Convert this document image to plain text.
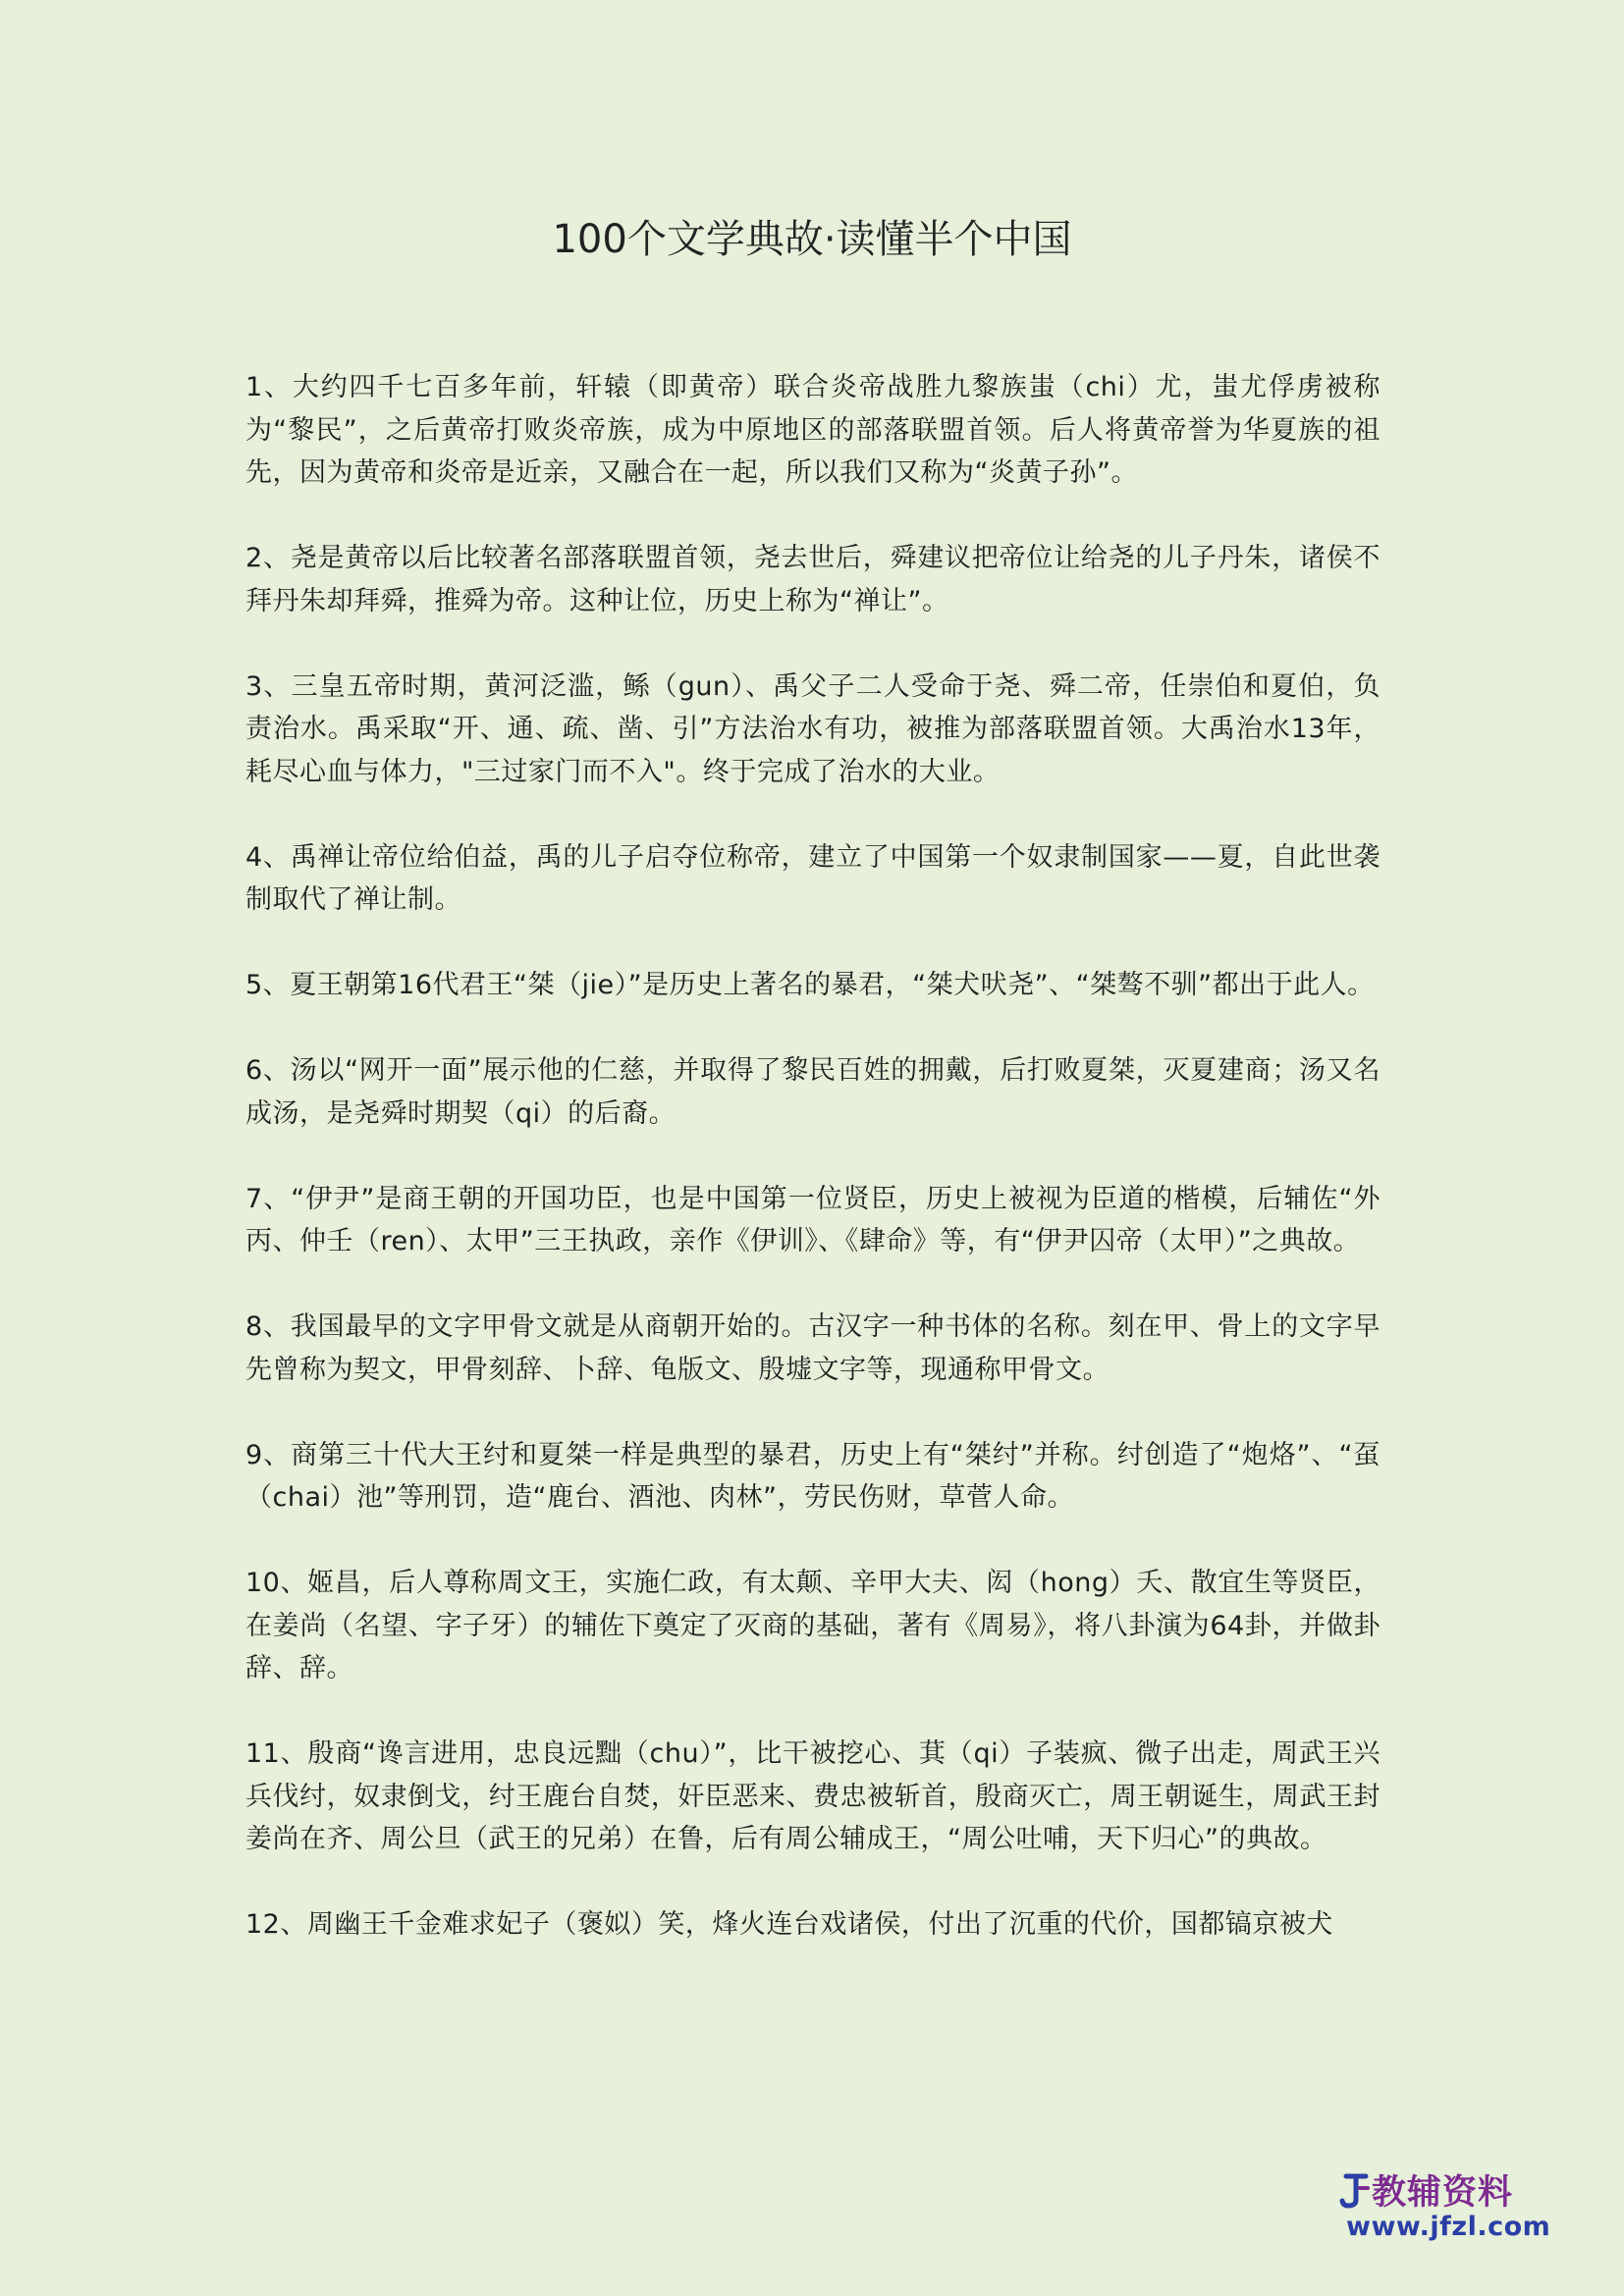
100个文学典故·读懂半个中国

1、大约四千七百多年前，轩辕（即黄帝）联合炎帝战胜九黎族蚩（chi）尤，蚩尤俘虏被称为“黎民”，之后黄帝打败炎帝族，成为中原地区的部落联盟首领。后人将黄帝誉为华夏族的祖先，因为黄帝和炎帝是近亲，又融合在一起，所以我们又称为“炎黄子孙”。

2、尧是黄帝以后比较著名部落联盟首领，尧去世后，舜建议把帝位让给尧的儿子丹朱，诸侯不拜丹朱却拜舜，推舜为帝。这种让位，历史上称为“禅让”。

3、三皇五帝时期，黄河泛滥，鲧（gun）、禹父子二人受命于尧、舜二帝，任崇伯和夏伯，负责治水。禹采取“开、通、疏、凿、引”方法治水有功，被推为部落联盟首领。大禹治水13年，耗尽心血与体力，"三过家门而不入"。终于完成了治水的大业。

4、禹禅让帝位给伯益，禹的儿子启夺位称帝，建立了中国第一个奴隶制国家——夏，自此世袭制取代了禅让制。

5、夏王朝第16代君王“桀（jie）”是历史上著名的暴君，“桀犬吠尧”、“桀骜不驯”都出于此人。

6、汤以“网开一面”展示他的仁慈，并取得了黎民百姓的拥戴，后打败夏桀，灭夏建商；汤又名成汤，是尧舜时期契（qi）的后裔。

7、“伊尹”是商王朝的开国功臣，也是中国第一位贤臣，历史上被视为臣道的楷模，后辅佐“外丙、仲壬（ren）、太甲”三王执政，亲作《伊训》、《肆命》等，有“伊尹囚帝（太甲）”之典故。

8、我国最早的文字甲骨文就是从商朝开始的。古汉字一种书体的名称。刻在甲、骨上的文字早先曾称为契文，甲骨刻辞、卜辞、龟版文、殷墟文字等，现通称甲骨文。

9、商第三十代大王纣和夏桀一样是典型的暴君，历史上有“桀纣”并称。纣创造了“炮烙”、“虿（chai）池”等刑罚，造“鹿台、酒池、肉林”，劳民伤财，草菅人命。

10、姬昌，后人尊称周文王，实施仁政，有太颠、辛甲大夫、闳（hong）夭、散宜生等贤臣，在姜尚（名望、字子牙）的辅佐下奠定了灭商的基础，著有《周易》，将八卦演为64卦，并做卦辞、辞。

11、殷商“谗言进用，忠良远黜（chu）”，比干被挖心、萁（qi）子装疯、微子出走，周武王兴兵伐纣，奴隶倒戈，纣王鹿台自焚，奸臣恶来、费忠被斩首，殷商灭亡，周王朝诞生，周武王封姜尚在齐、周公旦（武王的兄弟）在鲁，后有周公辅成王，“周公吐哺，天下归心”的典故。

12、周幽王千金难求妃子（褒姒）笑，烽火连台戏诸侯，付出了沉重的代价，国都镐京被犬

教辅资料
www.jfzl.com
